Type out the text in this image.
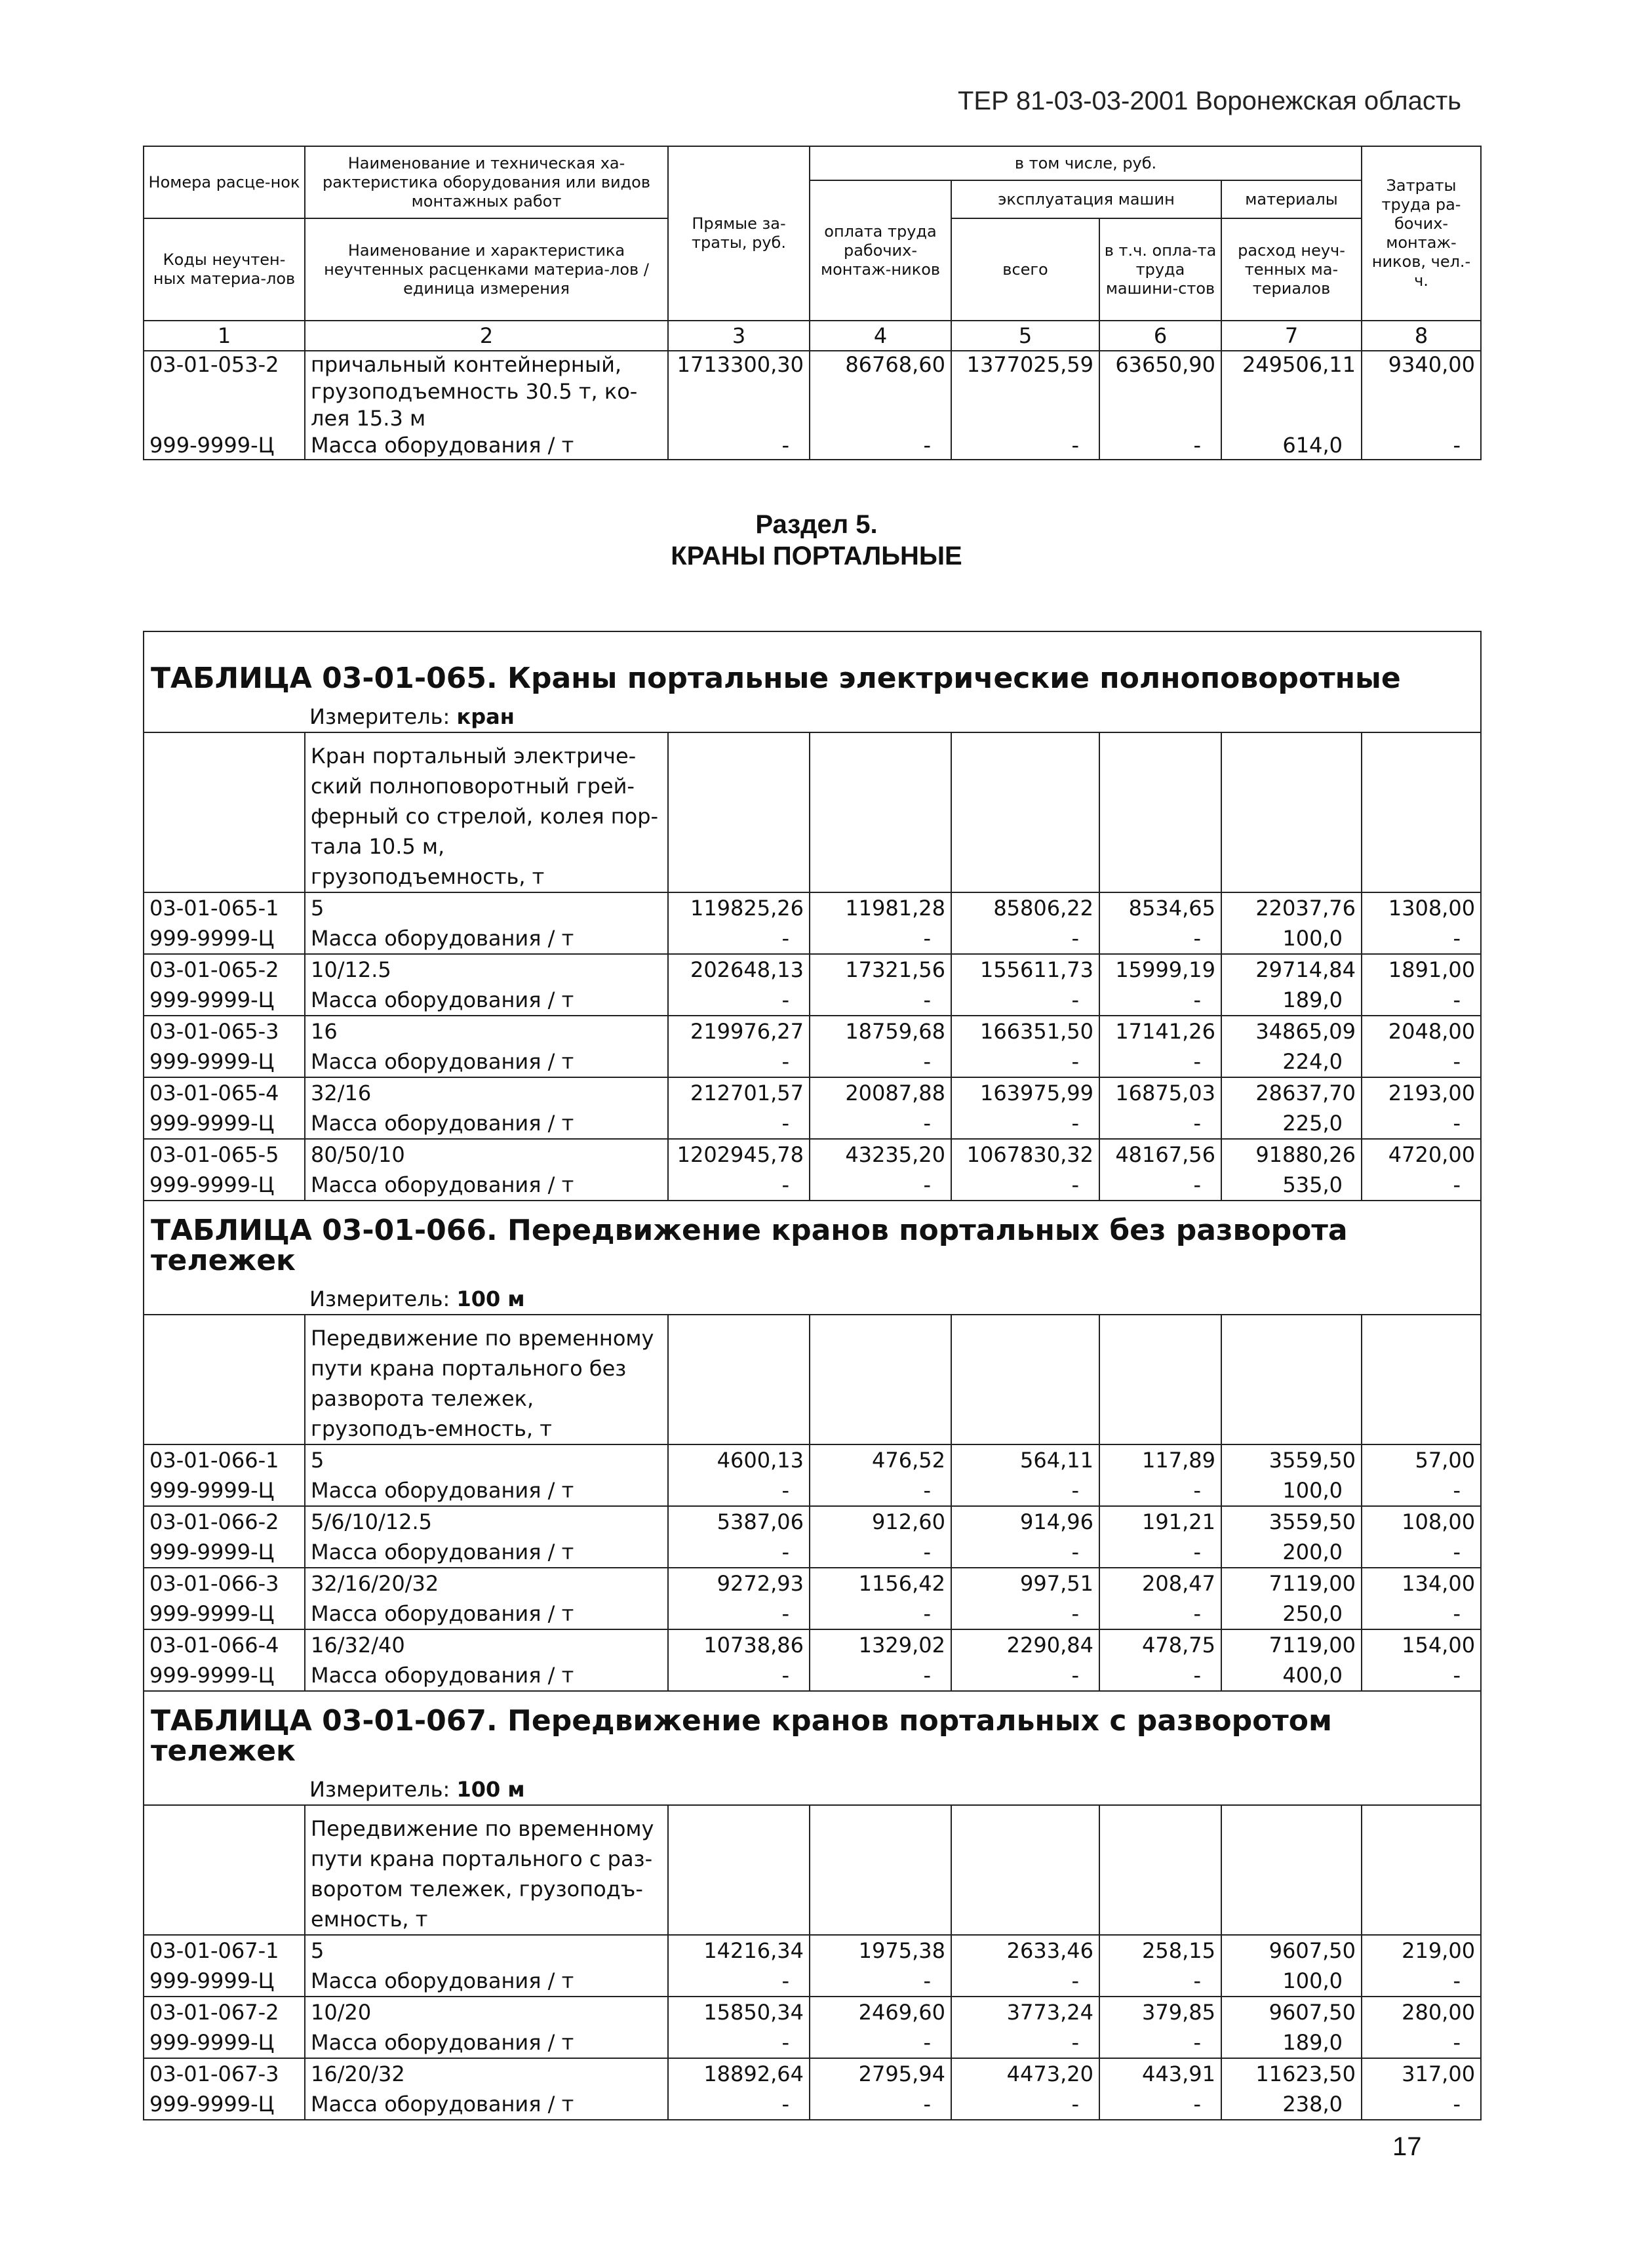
ТЕР 81-03-03-2001 Воронежская область
Номера расце-нок	Наименование и техническая ха-рактеристика оборудования или видов монтажных работ	Прямые за-траты, руб.	в том числе, руб.				Затраты труда ра-бочих-монтаж-ников, чел.-ч.
			оплата труда рабочих-монтаж-ников	эксплуатация машин		материалы	
Коды неучтен-ных материа-лов	Наименование и характеристика неучтенных расценками материа-лов / единица измерения			всего	в т.ч. опла-та труда машини-стов	расход неуч-тенных ма-териалов	

1	2	3	4	5	6	7	8
03-01-053-2	причальный контейнерный, грузоподъемность 30.5 т, ко-лея 15.3 м	1713300,30	86768,60	1377025,59	63650,90	249506,11	9340,00
999-9999-Ц	Масса оборудования / т	-	-	-	-	614,0	-
Раздел 5.
КРАНЫ ПОРТАЛЬНЫЕ
ТАБЛИЦА 03-01-065. Краны портальные электрические полноповоротные							
Измеритель: кран							
	Кран портальный электриче-ский полноповоротный грей-ферный со стрелой, колея пор-тала 10.5 м, грузоподъемность, т						
03-01-065-1	5	119825,26	11981,28	85806,22	8534,65	22037,76	1308,00
999-9999-Ц	Масса оборудования / т	-	-	-	-	100,0	-
03-01-065-2	10/12.5	202648,13	17321,56	155611,73	15999,19	29714,84	1891,00
999-9999-Ц	Масса оборудования / т	-	-	-	-	189,0	-
03-01-065-3	16	219976,27	18759,68	166351,50	17141,26	34865,09	2048,00
999-9999-Ц	Масса оборудования / т	-	-	-	-	224,0	-
03-01-065-4	32/16	212701,57	20087,88	163975,99	16875,03	28637,70	2193,00
999-9999-Ц	Масса оборудования / т	-	-	-	-	225,0	-
03-01-065-5	80/50/10	1202945,78	43235,20	1067830,32	48167,56	91880,26	4720,00
999-9999-Ц	Масса оборудования / т	-	-	-	-	535,0	-
ТАБЛИЦА 03-01-066. Передвижение кранов портальных без разворота тележек							
Измеритель: 100 м							
	Передвижение по временному пути крана портального без разворота тележек, грузоподъ-емность, т						
03-01-066-1	5	4600,13	476,52	564,11	117,89	3559,50	57,00
999-9999-Ц	Масса оборудования / т	-	-	-	-	100,0	-
03-01-066-2	5/6/10/12.5	5387,06	912,60	914,96	191,21	3559,50	108,00
999-9999-Ц	Масса оборудования / т	-	-	-	-	200,0	-
03-01-066-3	32/16/20/32	9272,93	1156,42	997,51	208,47	7119,00	134,00
999-9999-Ц	Масса оборудования / т	-	-	-	-	250,0	-
03-01-066-4	16/32/40	10738,86	1329,02	2290,84	478,75	7119,00	154,00
999-9999-Ц	Масса оборудования / т	-	-	-	-	400,0	-
ТАБЛИЦА 03-01-067. Передвижение кранов портальных с разворотом тележек							
Измеритель: 100 м							
	Передвижение по временному пути крана портального с раз-воротом тележек, грузоподъ-емность, т						
03-01-067-1	5	14216,34	1975,38	2633,46	258,15	9607,50	219,00
999-9999-Ц	Масса оборудования / т	-	-	-	-	100,0	-
03-01-067-2	10/20	15850,34	2469,60	3773,24	379,85	9607,50	280,00
999-9999-Ц	Масса оборудования / т	-	-	-	-	189,0	-
03-01-067-3	16/20/32	18892,64	2795,94	4473,20	443,91	11623,50	317,00
999-9999-Ц	Масса оборудования / т	-	-	-	-	238,0	-
17
